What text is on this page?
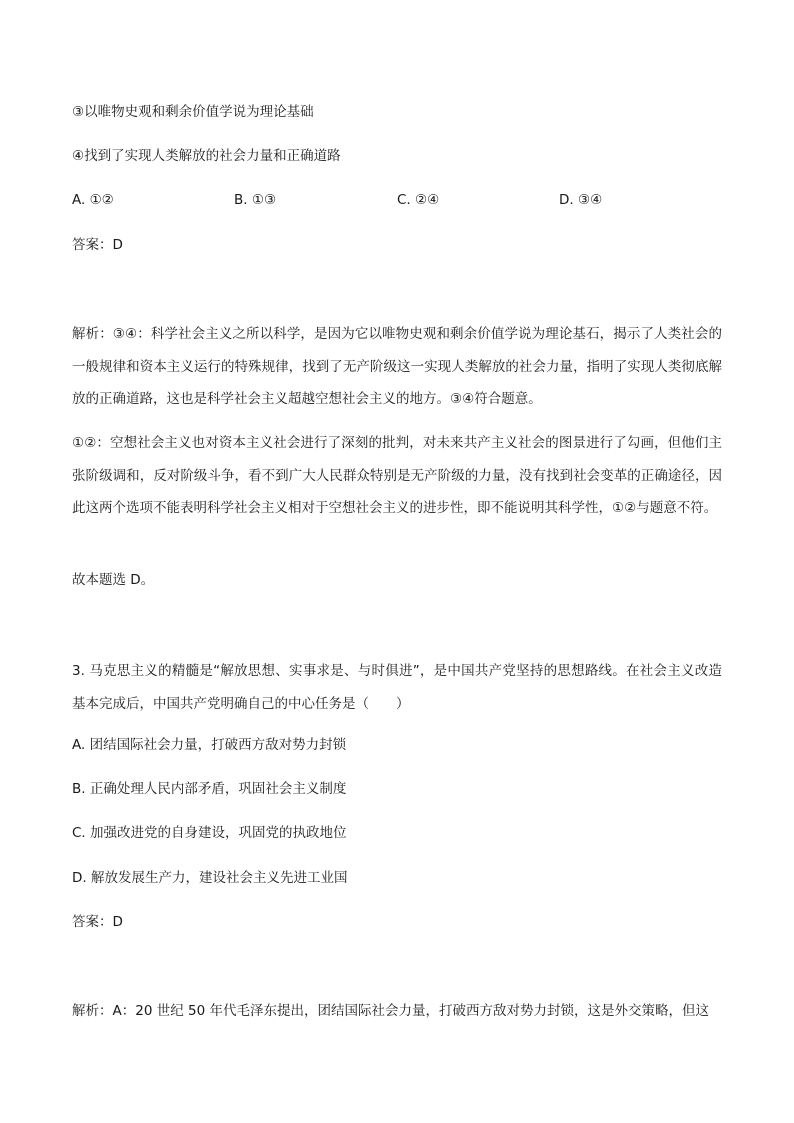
③以唯物史观和剩余价值学说为理论基础
④找到了实现人类解放的社会力量和正确道路
A. ①②	B. ①③	C. ②④	D. ③④
答案：D
解析：③④：科学社会主义之所以科学，是因为它以唯物史观和剩余价值学说为理论基石，揭示了人类社会的一般规律和资本主义运行的特殊规律，找到了无产阶级这一实现人类解放的社会力量，指明了实现人类彻底解放的正确道路，这也是科学社会主义超越空想社会主义的地方。③④符合题意。
①②：空想社会主义也对资本主义社会进行了深刻的批判，对未来共产主义社会的图景进行了勾画，但他们主张阶级调和，反对阶级斗争，看不到广大人民群众特别是无产阶级的力量，没有找到社会变革的正确途径，因此这两个选项不能表明科学社会主义相对于空想社会主义的进步性，即不能说明其科学性，①②与题意不符。
故本题选 D。
3. 马克思主义的精髓是“解放思想、实事求是、与时俱进”，是中国共产党坚持的思想路线。在社会主义改造基本完成后，中国共产党明确自己的中心任务是（　　）
A. 团结国际社会力量，打破西方敌对势力封锁
B. 正确处理人民内部矛盾，巩固社会主义制度
C. 加强改进党的自身建设，巩固党的执政地位
D. 解放发展生产力，建设社会主义先进工业国
答案：D
解析：A：20 世纪 50 年代毛泽东提出，团结国际社会力量，打破西方敌对势力封锁，这是外交策略，但这
